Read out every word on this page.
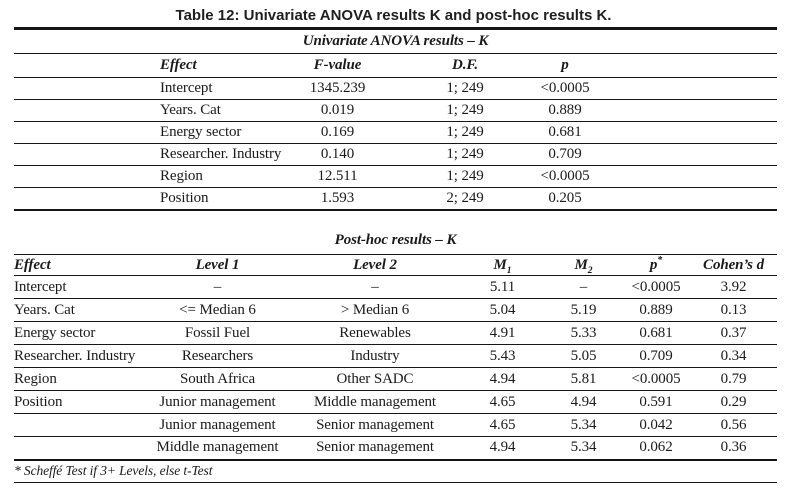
Table 12: Univariate ANOVA results K and post-hoc results K.
Univariate ANOVA results – K					
	Effect	F-value	D.F.	p	
	Intercept	1345.239	1; 249	<0.0005	
	Years. Cat	0.019	1; 249	0.889	
	Energy sector	0.169	1; 249	0.681	
	Researcher. Industry	0.140	1; 249	0.709	
	Region	12.511	1; 249	<0.0005	
	Position	1.593	2; 249	0.205	
Post-hoc results – K						
Effect	Level 1	Level 2	$M_1$	$M_2$	p*	Cohen’s d
Intercept	–	–	5.11	–	<0.0005	3.92
Years. Cat	<= Median 6	> Median 6	5.04	5.19	0.889	0.13
Energy sector	Fossil Fuel	Renewables	4.91	5.33	0.681	0.37
Researcher. Industry	Researchers	Industry	5.43	5.05	0.709	0.34
Region	South Africa	Other SADC	4.94	5.81	<0.0005	0.79
Position	Junior management	Middle management	4.65	4.94	0.591	0.29
	Junior management	Senior management	4.65	5.34	0.042	0.56
	Middle management	Senior management	4.94	5.34	0.062	0.36
* Scheffé Test if 3+ Levels, else t-Test						
